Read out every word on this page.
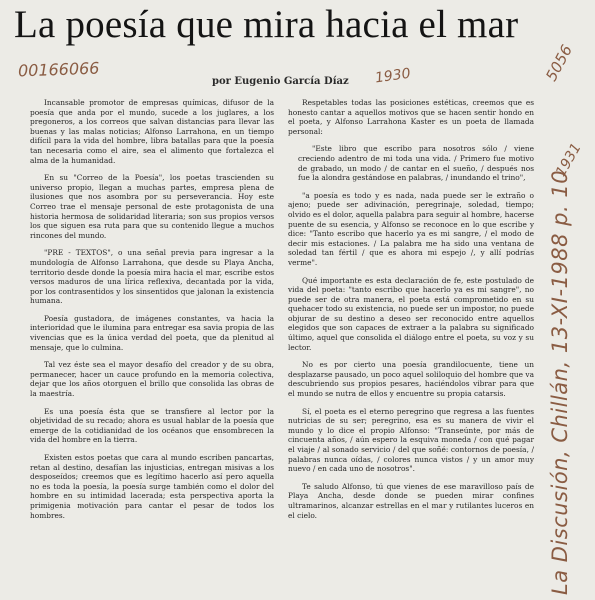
La poesía que mira hacia el mar
00166066	1930	5056
1931
La Discusión, Chillán, 13-XI-1988 p. 10
por Eugenio García Díaz

Incansable promotor de empresas químicas, difusor de la poesía que anda por el mundo, sucede a los juglares, a los pregoneros, a los correos que salvan distancias para llevar las buenas y las malas noticias; Alfonso Larrahona, en un tiempo difícil para la vida del hombre, libra batallas para que la poesía tan necesaria como el aire, sea el alimento que fortalezca el alma de la humanidad.

En su "Correo de la Poesía", los poetas trascienden su universo propio, llegan a muchas partes, empresa plena de ilusiones que nos asombra por su perseverancia. Hoy este Correo trae el mensaje personal de este protagonista de una historia hermosa de solidaridad literaria; son sus propios versos los que siguen esa ruta para que su contenido llegue a muchos rincones del mundo.

"PRE - TEXTOS", o una señal previa para ingresar a la mundología de Alfonso Larrahona, que desde su Playa Ancha, territorio desde donde la poesía mira hacia el mar, escribe estos versos maduros de una lírica reflexiva, decantada por la vida, por los contrasentidos y los sinsentidos que jalonan la existencia humana.

Poesía gustadora, de imágenes constantes, va hacia la interioridad que le ilumina para entregar esa savia propia de las vivencias que es la única verdad del poeta, que da plenitud al mensaje, que lo culmina.

Tal vez éste sea el mayor desafío del creador y de su obra, permanecer, hacer un cauce profundo en la memoria colectiva, dejar que los años otorguen el brillo que consolida las obras de la maestría.

Es una poesía ésta que se transfiere al lector por la objetividad de su recado; ahora es usual hablar de la poesía que emerge de la cotidianidad de los océanos que ensombrecen la vida del hombre en la tierra.

Existen estos poetas que cara al mundo escriben pancartas, retan al destino, desafían las injusticias, entregan misivas a los desposeídos; creemos que es legítimo hacerlo así pero aquella no es toda la poesía, la poesía surge también como el dolor del hombre en su intimidad lacerada; esta perspectiva aporta la primigenia motivación para cantar el pesar de todos los hombres.

Respetables todas las posiciones estéticas, creemos que es honesto cantar a aquellos motivos que se hacen sentir hondo en el poeta, y Alfonso Larrahona Kaster es un poeta de llamada personal:

"Este libro que escribo para nosotros sólo / viene creciendo adentro de mi toda una vida. / Primero fue motivo de grabado, un modo / de cantar en el sueño, / después nos fue la alondra gestándose en palabras, / inundando el trino",

"a poesía es todo y es nada, nada puede ser le extraño o ajeno; puede ser adivinación, peregrinaje, soledad, tiempo; olvido es el dolor, aquella palabra para seguir al hombre, hacerse puente de su esencia, y Alfonso se reconoce en lo que escribe y dice: "Tanto escribo que hacerlo ya es mi sangre, / el modo de decir mis estaciones. / La palabra me ha sido una ventana de soledad tan fértil / que es ahora mi espejo /, y allí podrías verme".

Qué importante es esta declaración de fe, este postulado de vida del poeta: "tanto escribo que hacerlo ya es mi sangre", no puede ser de otra manera, el poeta está comprometido en su quehacer todo su existencia, no puede ser un impostor, no puede objurar de su destino a deseo ser reconocido entre aquellos elegidos que son capaces de extraer a la palabra su significado último, aquel que consolida el diálogo entre el poeta, su voz y su lector.

No es por cierto una poesía grandilocuente, tiene un desplazarse pausado, un poco aquel soliloquio del hombre que va descubriendo sus propios pesares, haciéndolos vibrar para que el mundo se nutra de ellos y encuentre su propia catarsis.

Sí, el poeta es el eterno peregrino que regresa a las fuentes nutricias de su ser; peregrino, esa es su manera de vivir el mundo y lo dice el propio Alfonso: "Transeúnte, por más de cincuenta años, / aún espero la esquiva moneda / con qué pagar el viaje / al sonado servicio / del que soñé: contornos de poesía, / palabras nunca oídas, / colores nunca vistos / y un amor muy nuevo / en cada uno de nosotros".

Te saludo Alfonso, tú que vienes de ese maravilloso país de Playa Ancha, desde donde se pueden mirar confines ultramarinos, alcanzar estrellas en el mar y rutilantes luceros en el cielo.
